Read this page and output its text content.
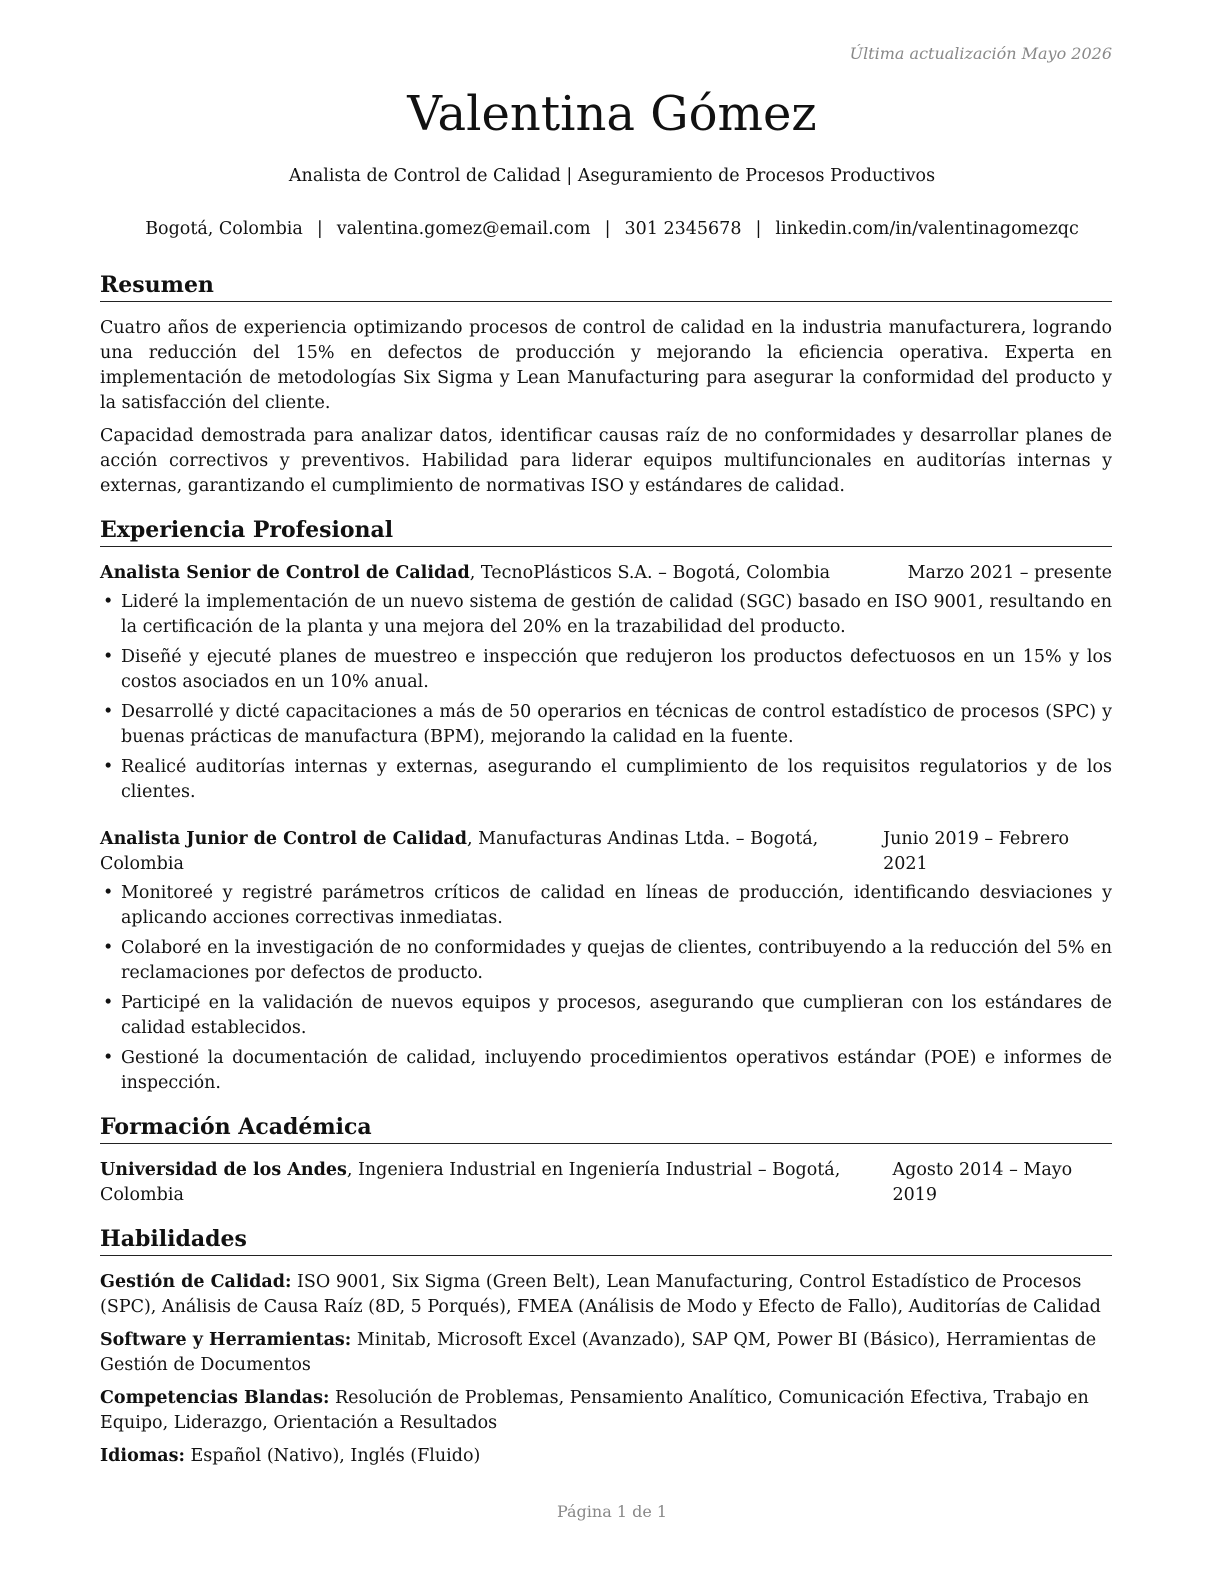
Última actualización Mayo 2026
Valentina Gómez
Analista de Control de Calidad | Aseguramiento de Procesos Productivos
Bogotá, Colombia | valentina.gomez@email.com | 301 2345678 | linkedin.com/in/valentinagomezqc
Resumen

Cuatro años de experiencia optimizando procesos de control de calidad en la industria manufacturera, logrando una reducción del 15% en defectos de producción y mejorando la eficiencia operativa. Experta en implementación de metodologías Six Sigma y Lean Manufacturing para asegurar la conformidad del producto y la satisfacción del cliente.

Capacidad demostrada para analizar datos, identificar causas raíz de no conformidades y desarrollar planes de acción correctivos y preventivos. Habilidad para liderar equipos multifuncionales en auditorías internas y externas, garantizando el cumplimiento de normativas ISO y estándares de calidad.

Experiencia Profesional
Analista Senior de Control de Calidad, TecnoPlásticos S.A. – Bogotá, Colombia	Marzo 2021 – presente
• Lideré la implementación de un nuevo sistema de gestión de calidad (SGC) basado en ISO 9001, resultando en la certificación de la planta y una mejora del 20% en la trazabilidad del producto.
• Diseñé y ejecuté planes de muestreo e inspección que redujeron los productos defectuosos en un 15% y los costos asociados en un 10% anual.
• Desarrollé y dicté capacitaciones a más de 50 operarios en técnicas de control estadístico de procesos (SPC) y buenas prácticas de manufactura (BPM), mejorando la calidad en la fuente.
• Realicé auditorías internas y externas, asegurando el cumplimiento de los requisitos regulatorios y de los clientes.
Analista Junior de Control de Calidad, Manufacturas Andinas Ltda. – Bogotá, Colombia
Junio 2019 – Febrero 2021
• Monitoreé y registré parámetros críticos de calidad en líneas de producción, identificando desviaciones y aplicando acciones correctivas inmediatas.
• Colaboré en la investigación de no conformidades y quejas de clientes, contribuyendo a la reducción del 5% en reclamaciones por defectos de producto.
• Participé en la validación de nuevos equipos y procesos, asegurando que cumplieran con los estándares de calidad establecidos.
• Gestioné la documentación de calidad, incluyendo procedimientos operativos estándar (POE) e informes de inspección.
Formación Académica
Universidad de los Andes, Ingeniera Industrial en Ingeniería Industrial – Bogotá, Colombia
Agosto 2014 – Mayo 2019
Habilidades
Gestión de Calidad: ISO 9001, Six Sigma (Green Belt), Lean Manufacturing, Control Estadístico de Procesos (SPC), Análisis de Causa Raíz (8D, 5 Porqués), FMEA (Análisis de Modo y Efecto de Fallo), Auditorías de Calidad
Software y Herramientas: Minitab, Microsoft Excel (Avanzado), SAP QM, Power BI (Básico), Herramientas de Gestión de Documentos
Competencias Blandas: Resolución de Problemas, Pensamiento Analítico, Comunicación Efectiva, Trabajo en Equipo, Liderazgo, Orientación a Resultados
Idiomas: Español (Nativo), Inglés (Fluido)
Página 1 de 1
